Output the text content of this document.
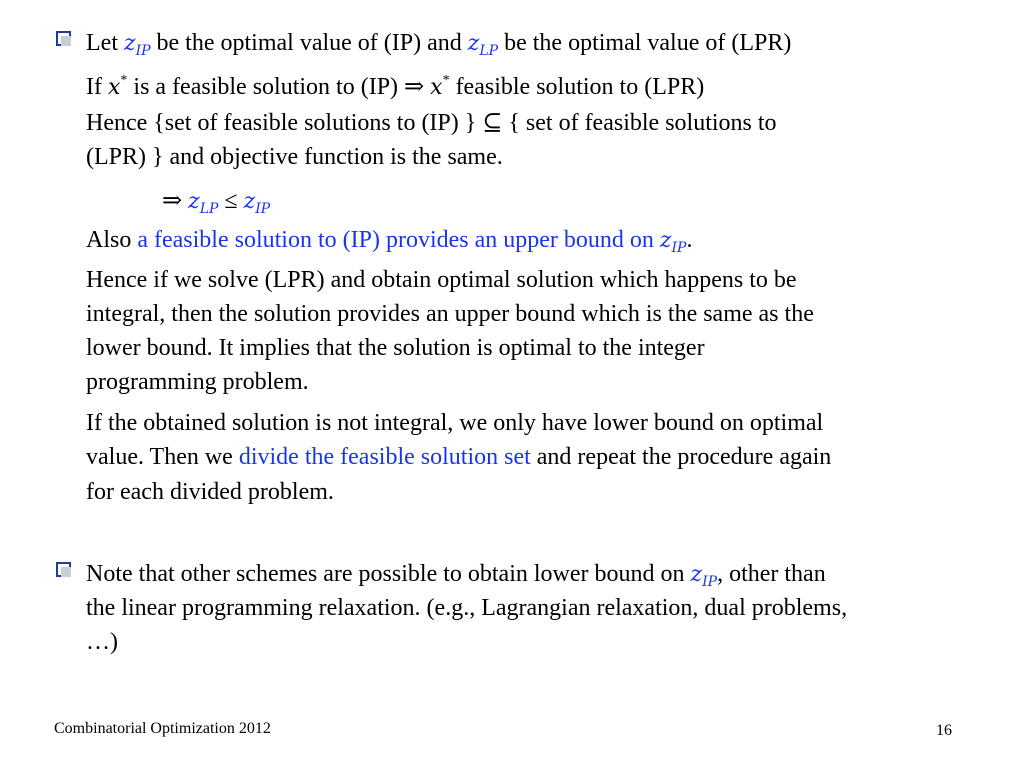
Let $z_{IP}$ be the optimal value of (IP) and $z_{LP}$ be the optimal value of (LPR)
If x* is a feasible solution to (IP) ⇒ x* feasible solution to (LPR)
Hence {set of feasible solutions to (IP) } ⊆ { set of feasible solutions to
(LPR) } and objective function is the same.
⇒ $z_{LP} \le z_{IP}$
Also a feasible solution to (IP) provides an upper bound on $z_{IP}$.
Hence if we solve (LPR) and obtain optimal solution which happens to be
integral, then the solution provides an upper bound which is the same as the
lower bound. It implies that the solution is optimal to the integer
programming problem.
If the obtained solution is not integral, we only have lower bound on optimal
value. Then we divide the feasible solution set and repeat the procedure again
for each divided problem.
Note that other schemes are possible to obtain lower bound on $z_{IP}$, other than
the linear programming relaxation. (e.g., Lagrangian relaxation, dual problems,
…)
Combinatorial Optimization 2012	16
